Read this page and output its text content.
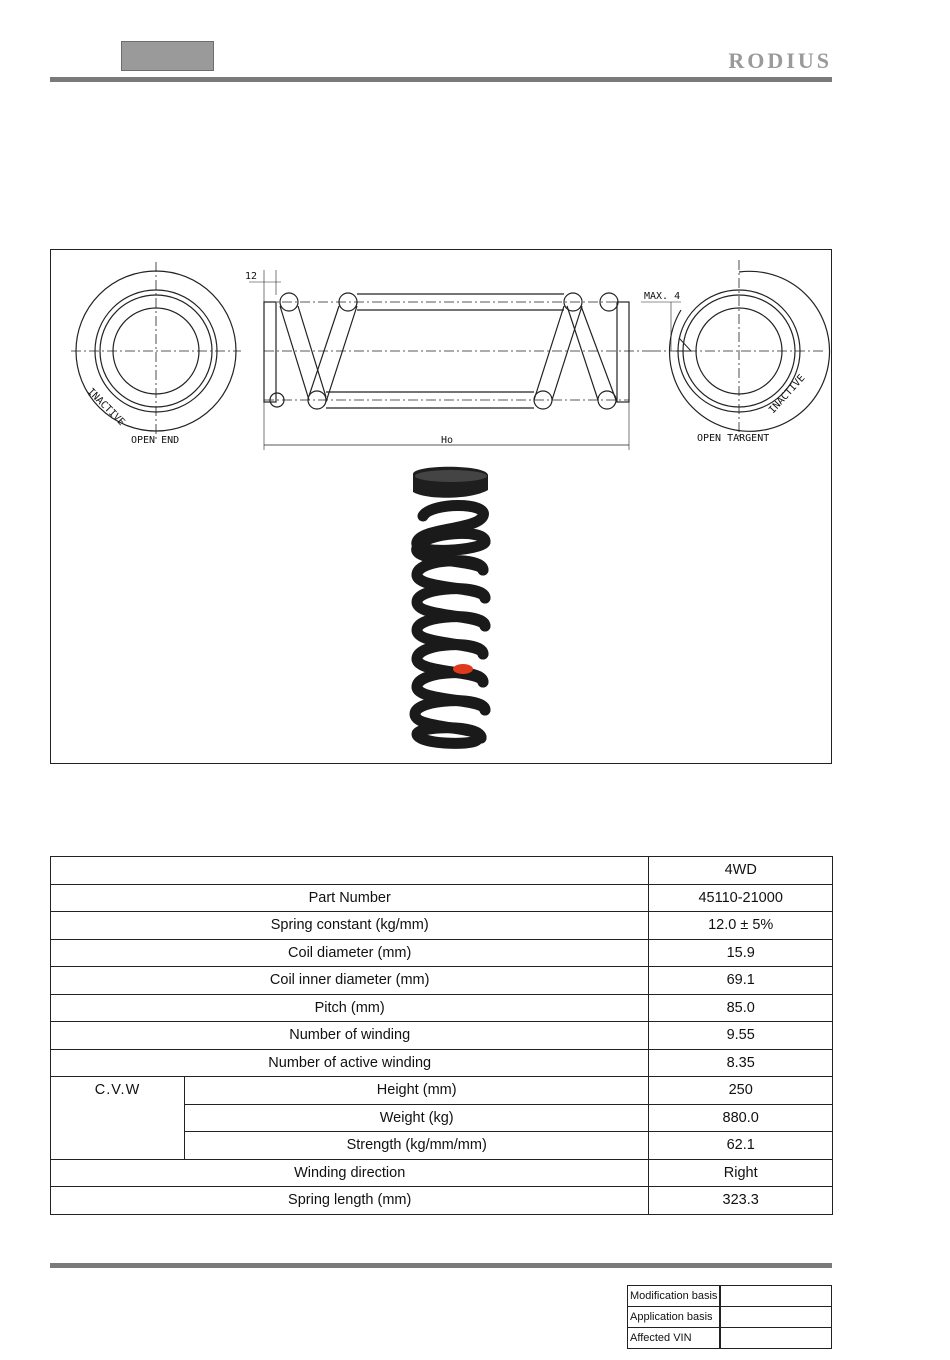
RODIUS
OPEN END
INACTIVE
12
MAX. 4
Ho	OPEN TARGENT
INACTIVE
		4WD
Part Number		45110-21000
Spring constant (kg/mm)		12.0 ± 5%
Coil diameter (mm)		15.9
Coil inner diameter (mm)		69.1
Pitch (mm)		85.0
Number of winding		9.55
Number of active winding		8.35
C.V.W	Height (mm)	250
	Weight (kg)	880.0
	Strength (kg/mm/mm)	62.1
Winding direction		Right
Spring length (mm)		323.3
Modification basis	
Application basis	
Affected VIN	
